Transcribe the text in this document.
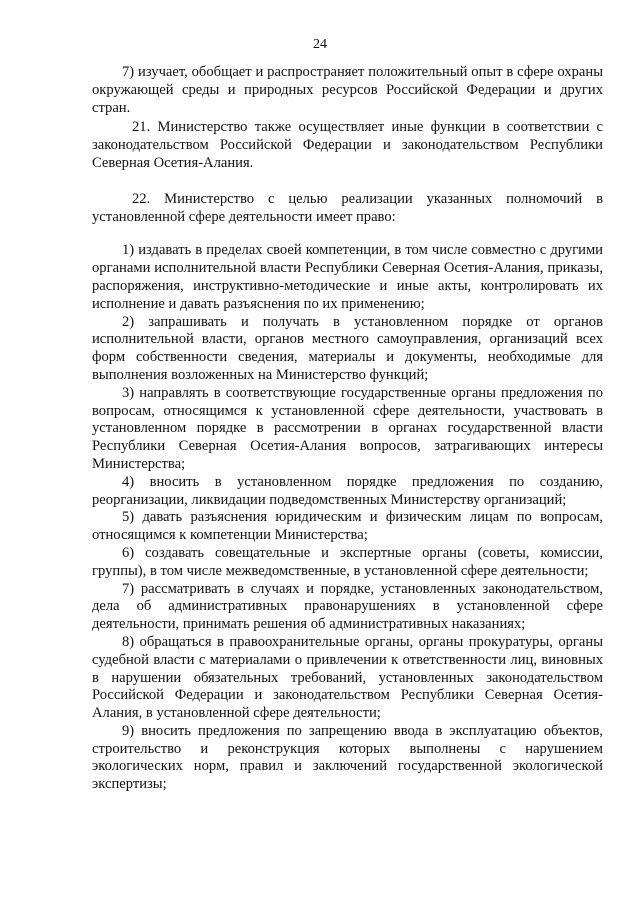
24

7) изучает, обобщает и распространяет положительный опыт в сфере охраны окружающей среды и природных ресурсов Российской Федерации и других стран.

21. Министерство также осуществляет иные функции в соответствии с законодательством Российской Федерации и законодательством Республики Северная Осетия-Алания.

22. Министерство с целью реализации указанных полномочий в установленной сфере деятельности имеет право:

1) издавать в пределах своей компетенции, в том числе совместно с другими органами исполнительной власти Республики Северная Осетия-Алания, приказы, распоряжения, инструктивно-методические и иные акты, контролировать их исполнение и давать разъяснения по их применению;

2) запрашивать и получать в установленном порядке от органов исполнительной власти, органов местного самоуправления, организаций всех форм собственности сведения, материалы и документы, необходимые для выполнения возложенных на Министерство функций;

3) направлять в соответствующие государственные органы предложения по вопросам, относящимся к установленной сфере деятельности, участвовать в установленном порядке в рассмотрении в органах государственной власти Республики Северная Осетия-Алания вопросов, затрагивающих интересы Министерства;

4) вносить в установленном порядке предложения по созданию, реорганизации, ликвидации подведомственных Министерству организаций;

5) давать разъяснения юридическим и физическим лицам по вопросам, относящимся к компетенции Министерства;

6) создавать совещательные и экспертные органы (советы, комиссии, группы), в том числе межведомственные, в установленной сфере деятельности;

7) рассматривать в случаях и порядке, установленных законодательством, дела об административных правонарушениях в установленной сфере деятельности, принимать решения об административных наказаниях;

8) обращаться в правоохранительные органы, органы прокуратуры, органы судебной власти с материалами о привлечении к ответственности лиц, виновных в нарушении обязательных требований, установленных законодательством Российской Федерации и законодательством Республики Северная Осетия-Алания, в установленной сфере деятельности;

9) вносить предложения по запрещению ввода в эксплуатацию объектов, строительство и реконструкция которых выполнены с нарушением экологических норм, правил и заключений государственной экологической экспертизы;
